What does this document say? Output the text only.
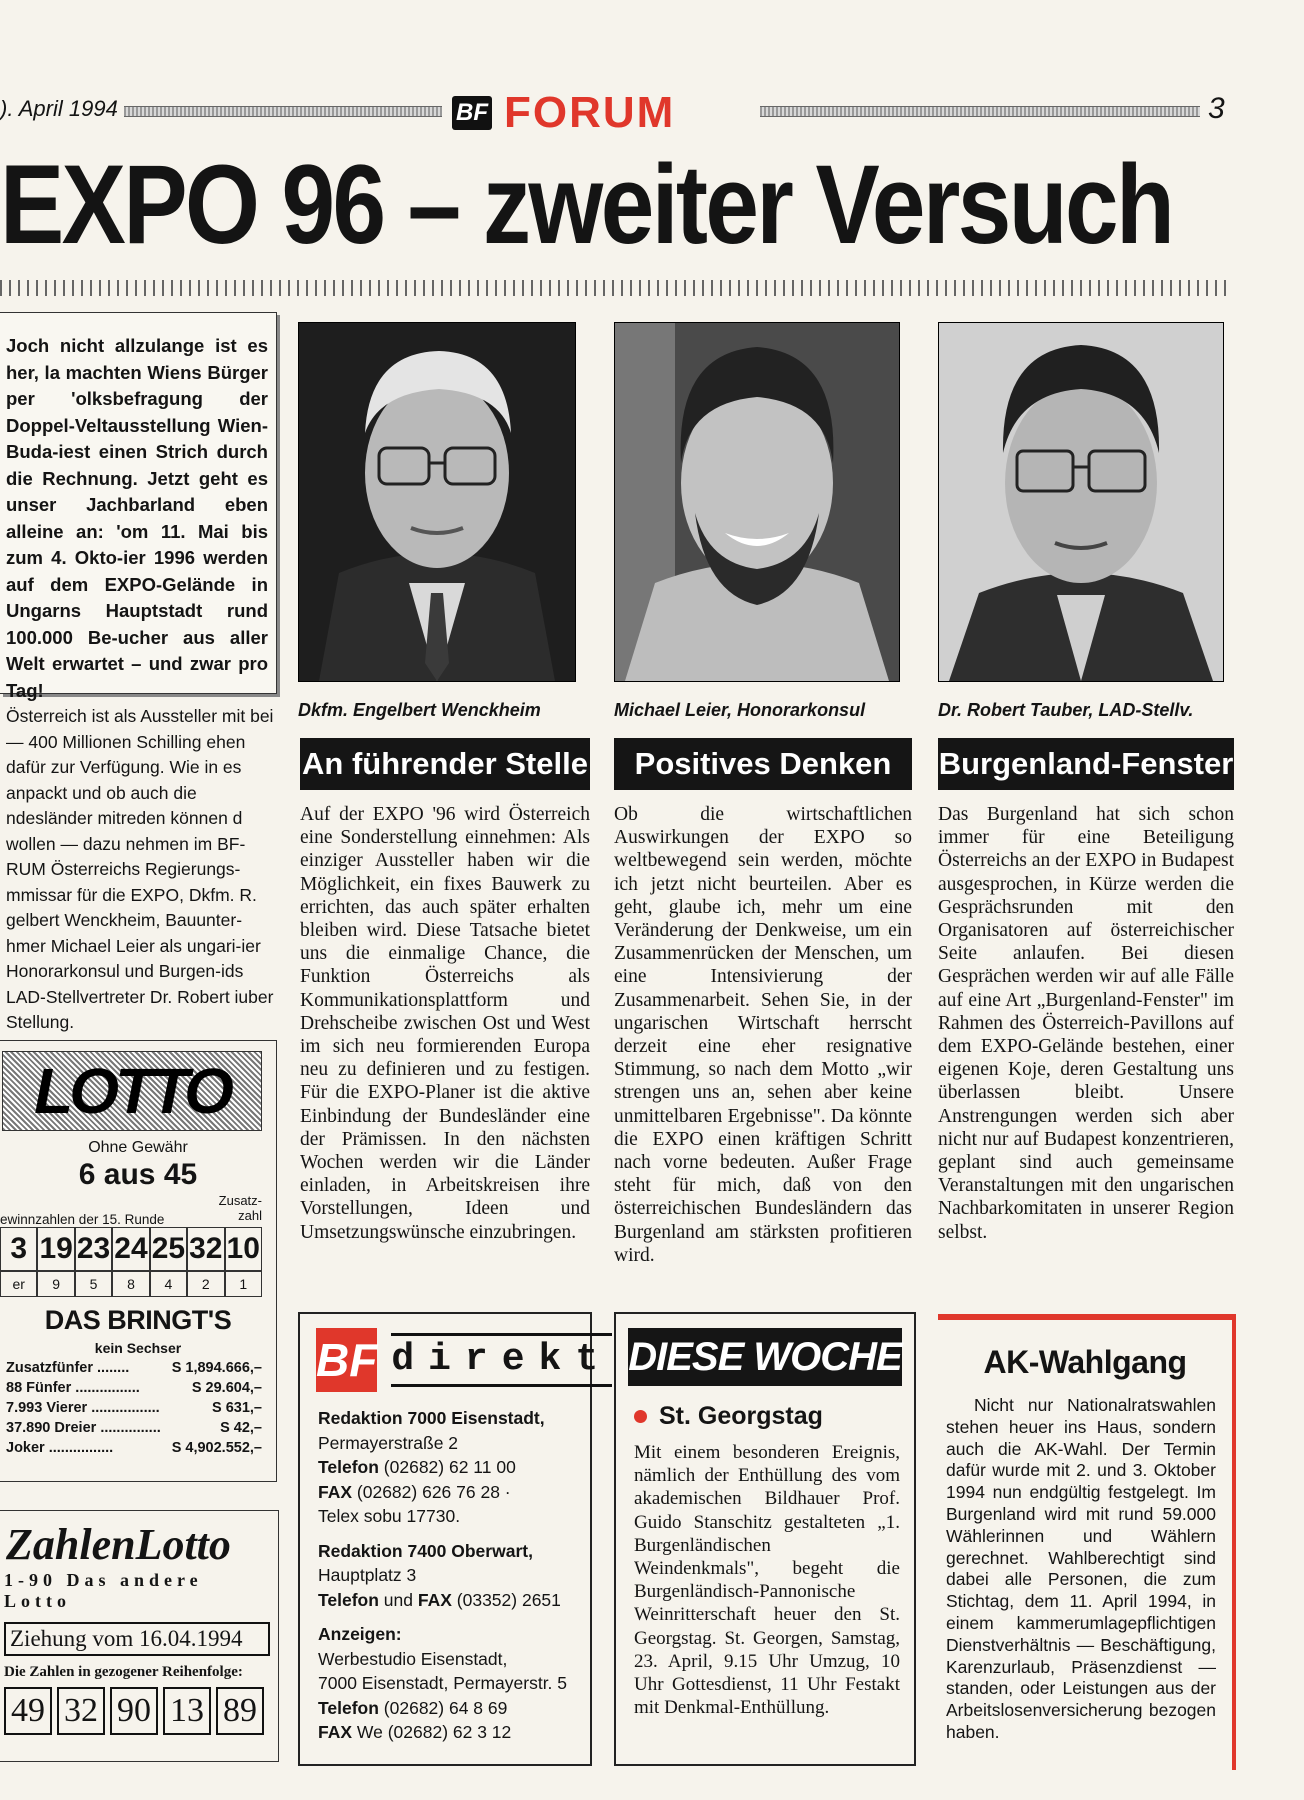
). April 1994	BF FORUM	3
EXPO 96 – zweiter Versuch
Joch nicht allzulange ist es her, la machten Wiens Bürger per 'olksbefragung der Doppel-Veltausstellung Wien-Buda-iest einen Strich durch die Rechnung. Jetzt geht es unser Jachbarland eben alleine an: 'om 11. Mai bis zum 4. Okto-ier 1996 werden auf dem EXPO-Gelände in Ungarns Hauptstadt rund 100.000 Be-ucher aus aller Welt erwartet – und zwar pro Tag!
Österreich ist als Aussteller mit bei — 400 Millionen Schilling ehen dafür zur Verfügung. Wie in es anpackt und ob auch die ndesländer mitreden können d wollen — dazu nehmen im BF-RUM Österreichs Regierungs-mmissar für die EXPO, Dkfm. R. gelbert Wenckheim, Bauunter-hmer Michael Leier als ungari-ier Honorarkonsul und Burgen-ids LAD-Stellvertreter Dr. Robert iuber Stellung.
LOTTO
Ohne Gewähr
6 aus 45
ewinnzahlen der 15. Runde
Zusatz-zahl
3 19 23 24 25 32 10
er	9	5	8	4	2	1
DAS BRINGT'S
kein Sechser
Zusatzfünfer ........	S 1,894.666,–
88 Fünfer ................	S 29.604,–
7.993 Vierer .................	S 631,–
37.890 Dreier ...............	S 42,–
Joker ................	S 4,902.552,–
ZahlenLotto
1-90 Das andere Lotto
Ziehung vom 16.04.1994
Die Zahlen in gezogener Reihenfolge:
49 32 90 13 89
Dkfm. Engelbert Wenckheim	Michael Leier, Honorarkonsul	Dr. Robert Tauber, LAD-Stellv.
An führender Stelle	Positives Denken	Burgenland-Fenster
Auf der EXPO '96 wird Österreich eine Sonderstellung einnehmen: Als einziger Aussteller haben wir die Möglichkeit, ein fixes Bauwerk zu errichten, das auch später erhalten bleiben wird. Diese Tatsache bietet uns die einmalige Chance, die Funktion Österreichs als Kommunikationsplattform und Drehscheibe zwischen Ost und West im sich neu formierenden Europa neu zu definieren und zu festigen. Für die EXPO-Planer ist die aktive Einbindung der Bundesländer eine der Prämissen. In den nächsten Wochen werden wir die Länder einladen, in Arbeitskreisen ihre Vorstellungen, Ideen und Umsetzungswünsche einzubringen.
Ob die wirtschaftlichen Auswirkungen der EXPO so weltbewegend sein werden, möchte ich jetzt nicht beurteilen. Aber es geht, glaube ich, mehr um eine Veränderung der Denkweise, um ein Zusammenrücken der Menschen, um eine Intensivierung der Zusammenarbeit. Sehen Sie, in der ungarischen Wirtschaft herrscht derzeit eine eher resignative Stimmung, so nach dem Motto „wir strengen uns an, sehen aber keine unmittelbaren Ergebnisse". Da könnte die EXPO einen kräftigen Schritt nach vorne bedeuten. Außer Frage steht für mich, daß von den österreichischen Bundesländern das Burgenland am stärksten profitieren wird.
Das Burgenland hat sich schon immer für eine Beteiligung Österreichs an der EXPO in Budapest ausgesprochen, in Kürze werden die Gesprächsrunden mit den Organisatoren auf österreichischer Seite anlaufen. Bei diesen Gesprächen werden wir auf alle Fälle auf eine Art „Burgenland-Fenster" im Rahmen des Österreich-Pavillons auf dem EXPO-Gelände bestehen, einer eigenen Koje, deren Gestaltung uns überlassen bleibt. Unsere Anstrengungen werden sich aber nicht nur auf Budapest konzentrieren, geplant sind auch gemeinsame Veranstaltungen mit den ungarischen Nachbarkomitaten in unserer Region selbst.
BF direkt
Redaktion 7000 Eisenstadt,
Permayerstraße 2
Telefon (02682) 62 11 00
FAX (02682) 626 76 28 ·
Telex sobu 17730.
Redaktion 7400 Oberwart,
Hauptplatz 3
Telefon und FAX (03352) 2651
Anzeigen:
Werbestudio Eisenstadt,
7000 Eisenstadt, Permayerstr. 5
Telefon (02682) 64 8 69
FAX We (02682) 62 3 12
DIESE WOCHE
St. Georgstag
Mit einem besonderen Ereignis, nämlich der Enthüllung des vom akademischen Bildhauer Prof. Guido Stanschitz gestalteten „1. Burgenländischen Weindenkmals", begeht die Burgenländisch-Pannonische Weinritterschaft heuer den St. Georgstag. St. Georgen, Samstag, 23. April, 9.15 Uhr Umzug, 10 Uhr Gottesdienst, 11 Uhr Festakt mit Denkmal-Enthüllung.
AK-Wahlgang
Nicht nur Nationalratswahlen stehen heuer ins Haus, sondern auch die AK-Wahl. Der Termin dafür wurde mit 2. und 3. Oktober 1994 nun endgültig festgelegt. Im Burgenland wird mit rund 59.000 Wählerinnen und Wählern gerechnet. Wahlberechtigt sind dabei alle Personen, die zum Stichtag, dem 11. April 1994, in einem kammerumlagepflichtigen Dienstverhältnis — Beschäftigung, Karenzurlaub, Präsenzdienst — standen, oder Leistungen aus der Arbeitslosenversicherung bezogen haben.
